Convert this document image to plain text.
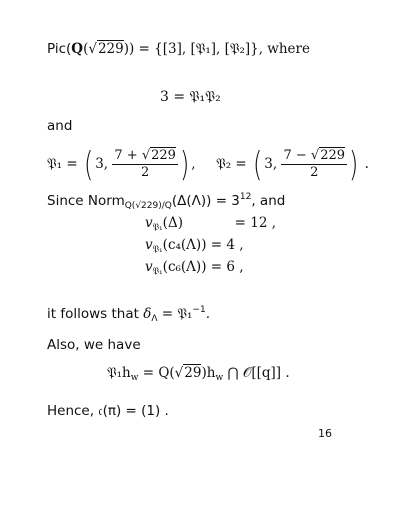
Pic(Q(√229)) = {[3], [𝔓₁], [𝔓₂]}, where
3 = 𝔓₁𝔓₂
and
𝔓₁ = ( 3, $\frac{7 + √229}{2}$ ) ,  𝔓₂ = ( 3, $\frac{7 - √229}{2}$ ) .
Since Norm$_{Q(√229)/Q}$(Δ(Λ)) = $3^{12}$, and
$v_{𝔓_1}(\Delta)$	= 12 ,
$v_{𝔓_1}(c_4(\Lambda)) = 4$ ,
$v_{𝔓_1}(c_6(\Lambda)) = 6$ ,
it follows that $\delta_\Lambda$ = 𝔓₁$^{-1}$.
Also, we have
$𝔓_1h_w = Q(√29)h_w$ ⋂ 𝒪[[q]] .
Hence, 𝔠(π) = (1) .
16
